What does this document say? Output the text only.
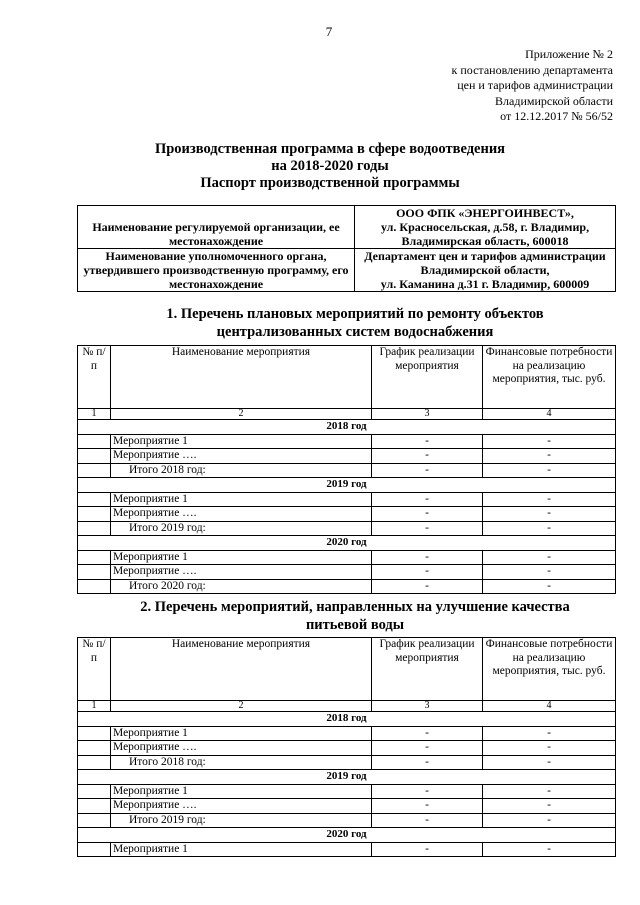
7
Приложение № 2
к постановлению департамента
цен и тарифов администрации
Владимирской области
от 12.12.2017 № 56/52
Производственная программа в сфере водоотведения
на 2018-2020 годы
Паспорт производственной программы
Наименование регулируемой организации, ее местонахождение	ООО ФПК «ЭНЕРГОИНВЕСТ»,
ул. Красносельская, д.58, г. Владимир,
Владимирская область, 600018

Наименование уполномоченного органа, утвердившего производственную программу, его местонахождение	Департамент цен и тарифов администрации
Владимирской области,
ул. Каманина д.31 г. Владимир, 600009
1. Перечень плановых мероприятий по ремонту объектов
централизованных систем водоснабжения
№ п/п	Наименование мероприятия	График реализации мероприятия	Финансовые потребности на реализацию мероприятия, тыс. руб.
1	2	3	4
2018 год			
	Мероприятие 1	-	-
	Мероприятие ….	-	-
	Итого 2018 год:	-	-
2019 год			
	Мероприятие 1	-	-
	Мероприятие ….	-	-
	Итого 2019 год:	-	-
2020 год			
	Мероприятие 1	-	-
	Мероприятие ….	-	-
	Итого 2020 год:	-	-
2. Перечень мероприятий, направленных на улучшение качества
питьевой воды
№ п/п	Наименование мероприятия	График реализации мероприятия	Финансовые потребности на реализацию мероприятия, тыс. руб.
1	2	3	4
2018 год			
	Мероприятие 1	-	-
	Мероприятие ….	-	-
	Итого 2018 год:	-	-
2019 год			
	Мероприятие 1	-	-
	Мероприятие ….	-	-
	Итого 2019 год:	-	-
2020 год			
	Мероприятие 1	-	-
